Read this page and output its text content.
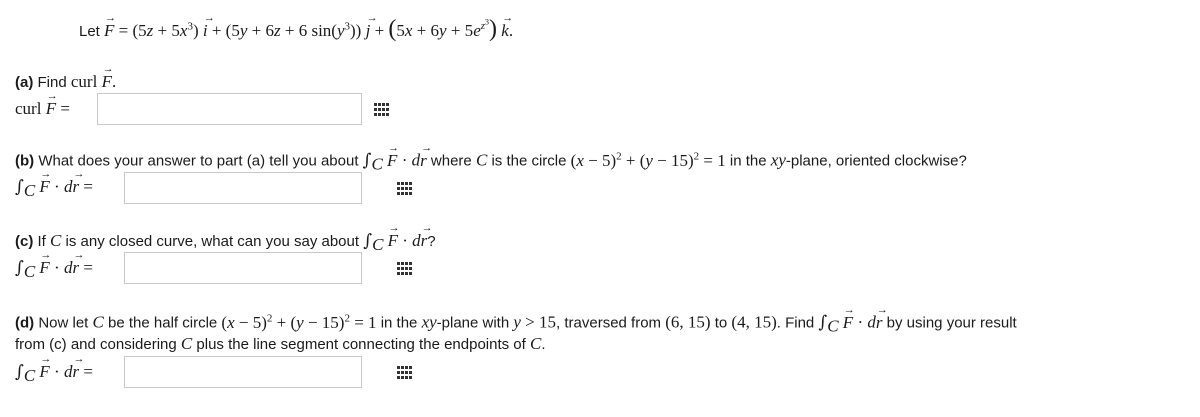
Let → $F = (5z + 5x^3) \to i + (5y + 6z + 6$ $\sin(y^3)) \to j + (5x + 6y + 5e^{z^3}) \to k$.
(a) Find curl → F.
curl → F =
(b) What does your answer to part (a) tell you about $\int_C \to F \cdot d\to r$ where C is the circle $(x - 5)^2 + (y - 15)^2 = 1$ in the xy-plane, oriented clockwise?
$\int_C \to F \cdot d\to r$ =
(c) If C is any closed curve, what can you say about $\int_C \to F \cdot d\to r$?
$\int_C \to F \cdot d\to r$ =
(d) Now let C be the half circle $(x - 5)^2 + (y - 15)^2 = 1$ in the xy-plane with y > 15, traversed from (6, 15) to (4, 15). Find $\int_C \to F \cdot d\to r$ by using your result
from (c) and considering C plus the line segment connecting the endpoints of C.
$\int_C \to F \cdot d\to r$ =
